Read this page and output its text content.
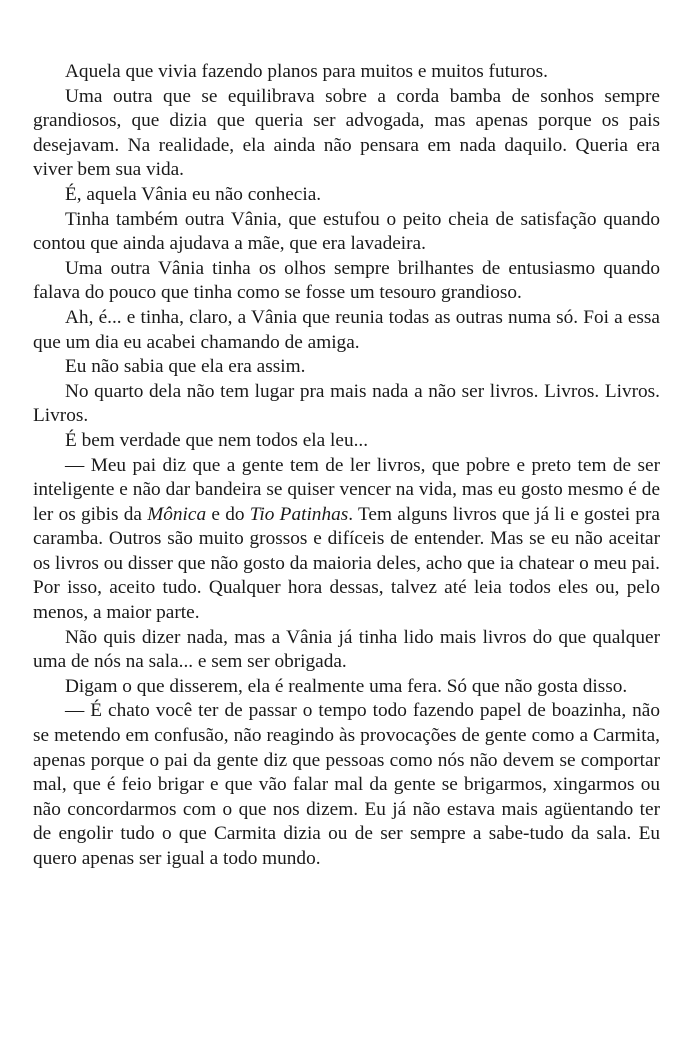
Aquela que vivia fazendo planos para muitos e muitos futuros.

Uma outra que se equilibrava sobre a corda bamba de sonhos sempre grandiosos, que dizia que queria ser advogada, mas apenas porque os pais desejavam. Na realidade, ela ainda não pensara em nada daquilo. Queria era viver bem sua vida.

É, aquela Vânia eu não conhecia.

Tinha também outra Vânia, que estufou o peito cheia de satisfação quando contou que ainda ajudava a mãe, que era lavadeira.

Uma outra Vânia tinha os olhos sempre brilhantes de entusiasmo quando falava do pouco que tinha como se fosse um tesouro grandioso.

Ah, é... e tinha, claro, a Vânia que reunia todas as outras numa só. Foi a essa que um dia eu acabei chamando de amiga.

Eu não sabia que ela era assim.

No quarto dela não tem lugar pra mais nada a não ser livros. Livros. Livros. Livros.

É bem verdade que nem todos ela leu...

— Meu pai diz que a gente tem de ler livros, que pobre e preto tem de ser inteligente e não dar bandeira se quiser vencer na vida, mas eu gosto mesmo é de ler os gibis da Mônica e do Tio Patinhas. Tem alguns livros que já li e gostei pra caramba. Outros são muito grossos e difíceis de entender. Mas se eu não aceitar os livros ou disser que não gosto da maioria deles, acho que ia chatear o meu pai. Por isso, aceito tudo. Qualquer hora dessas, talvez até leia todos eles ou, pelo menos, a maior parte.

Não quis dizer nada, mas a Vânia já tinha lido mais livros do que qualquer uma de nós na sala... e sem ser obrigada.

Digam o que disserem, ela é realmente uma fera. Só que não gosta disso.

— É chato você ter de passar o tempo todo fazendo papel de boazinha, não se metendo em confusão, não reagindo às provocações de gente como a Carmita, apenas porque o pai da gente diz que pessoas como nós não devem se comportar mal, que é feio brigar e que vão falar mal da gente se brigarmos, xingarmos ou não concordarmos com o que nos dizem. Eu já não estava mais agüentando ter de engolir tudo o que Carmita dizia ou de ser sempre a sabe-tudo da sala. Eu quero apenas ser igual a todo mundo.
